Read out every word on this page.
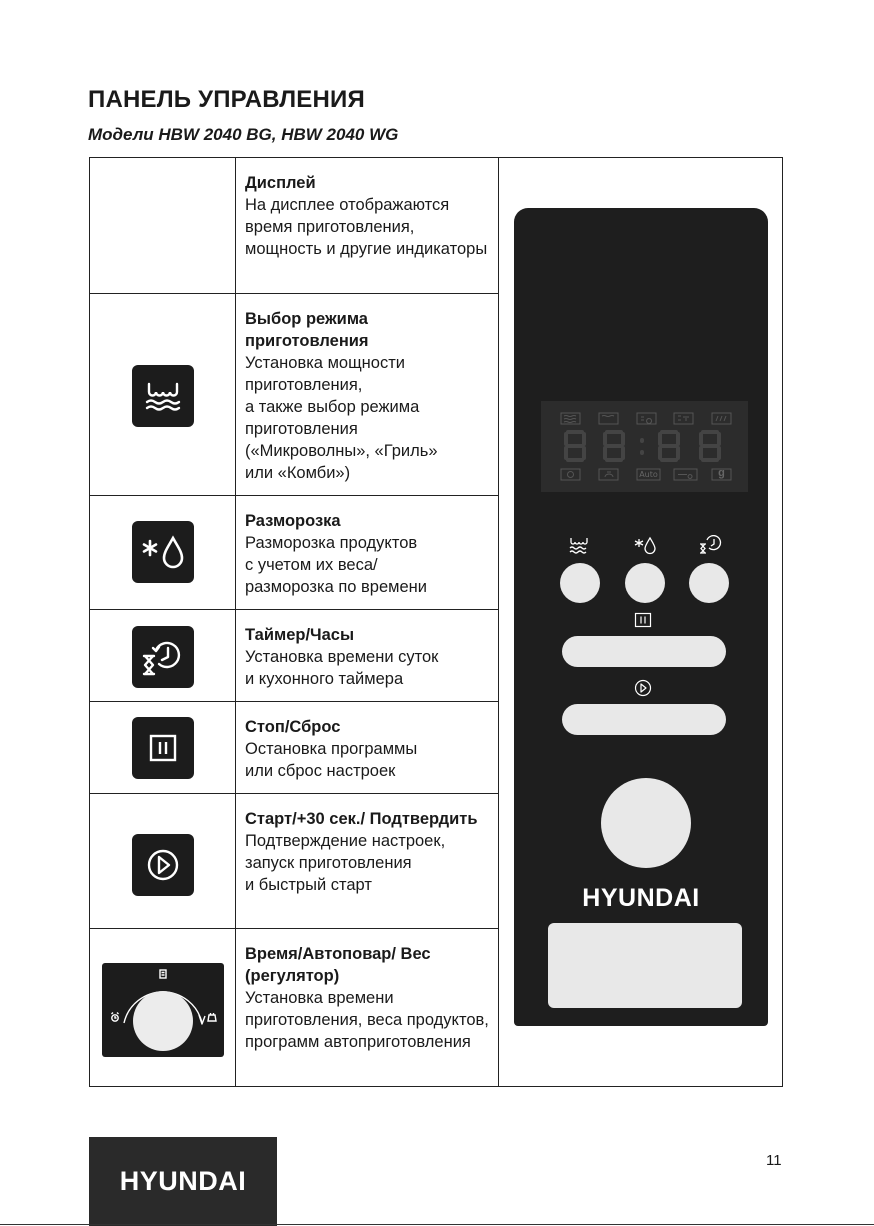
ПАНЕЛЬ УПРАВЛЕНИЯ
Модели HBW 2040 BG, HBW 2040 WG
Дисплей
На дисплее отображаются время приготовления, мощность и другие индикаторы
Выбор режима приготовления
Установка мощности приготовления,
а также выбор режима приготовления
(«Микроволны», «Гриль»
или «Комби»)
Разморозка
Разморозка продуктов
с учетом их веса/
разморозка по времени
Таймер/Часы
Установка времени суток
и кухонного таймера
Стоп/Сброс
Остановка программы
или сброс настроек
Старт/+30 сек./ Подтвердить
Подтверждение настроек,
запуск приготовления
и быстрый старт
Время/Автоповар/ Вес (регулятор)
Установка времени приготовления, веса продуктов, программ автоприготовления
Auto	g
HYUNDAI
HYUNDAI
11
